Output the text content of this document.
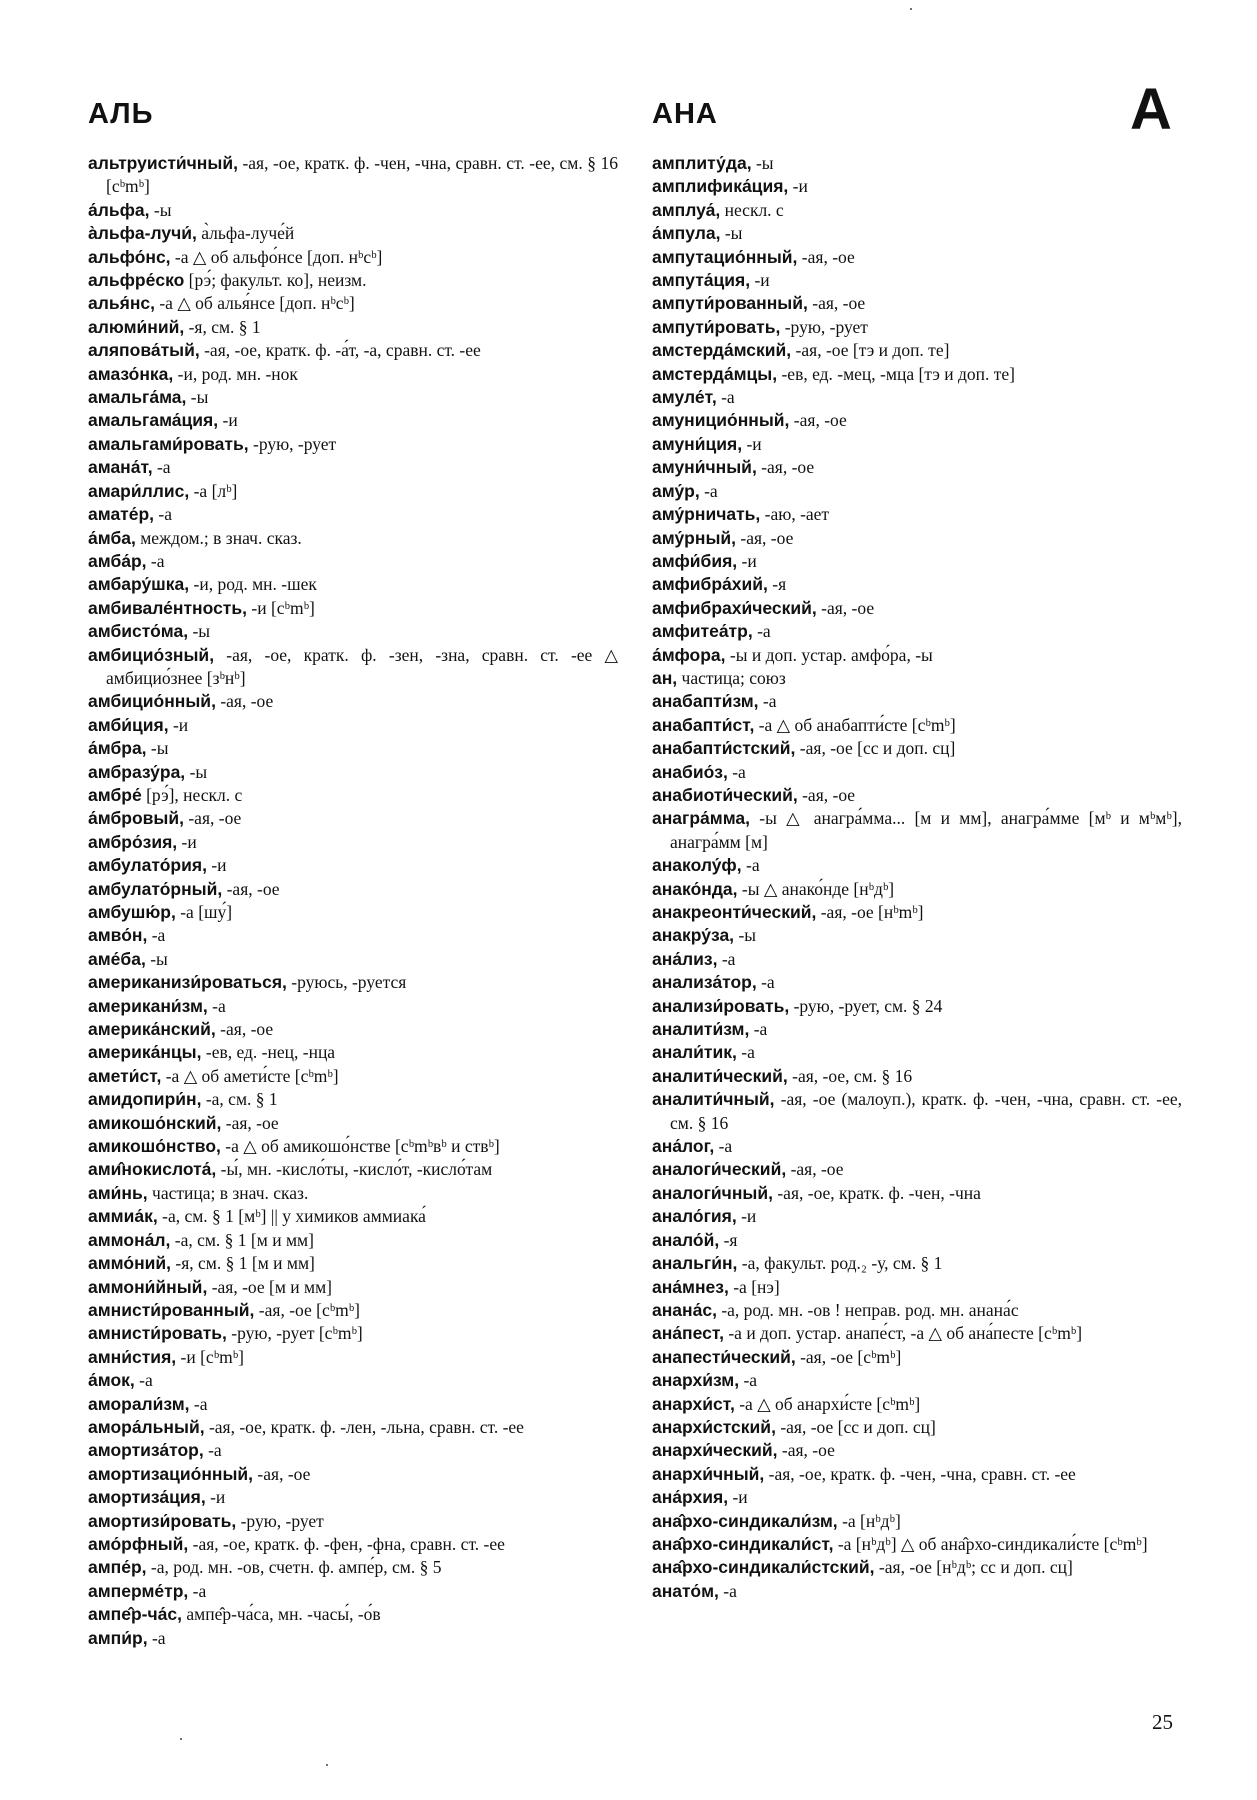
АЛЬ	АНА	А

альтруисти́чный, -ая, -ое, кратк. ф. -чен, -чна, сравн. ст. -ее, см. § 16 [cᵇmᵇ]

а́льфа, -ы

а̀льфа-лучи́, а̀льфа-луче́й

альфо́нс, -а △ об альфо́нсе [доп. нᵇcᵇ]

альфре́ско [рэ́; факульт. ко], неизм.

алья́нс, -а △ об алья́нсе [доп. нᵇcᵇ]

алюми́ний, -я, см. § 1

аляпова́тый, -ая, -ое, кратк. ф. -а́т, -а, сравн. ст. -ее

амазо́нка, -и, род. мн. -нок

амальга́ма, -ы

амальгама́ция, -и

амальгами́ровать, -рую, -рует

амана́т, -а

амари́ллис, -а [лᵇ]

амате́р, -а

а́мба, междом.; в знач. сказ.

амба́р, -а

амбару́шка, -и, род. мн. -шек

амбивале́нтность, -и [cᵇmᵇ]

амбисто́ма, -ы

амбицио́зный, -ая, -ое, кратк. ф. -зен, -зна, сравн. ст. -ее △ амбицио́знее [зᵇнᵇ]

амбицио́нный, -ая, -ое

амби́ция, -и

а́мбра, -ы

амбразу́ра, -ы

амбре́ [рэ́], нескл. с

а́мбровый, -ая, -ое

амбро́зия, -и

амбулато́рия, -и

амбулато́рный, -ая, -ое

амбушю́р, -а [шу́]

амво́н, -а

аме́ба, -ы

американизи́роваться, -руюсь, -руется

американи́зм, -а

америка́нский, -ая, -ое

америка́нцы, -ев, ед. -нец, -нца

амети́ст, -а △ об амети́сте [cᵇmᵇ]

амидопири́н, -а, см. § 1

амикошо́нский, -ая, -ое

амикошо́нство, -а △ об амикошо́нстве [cᵇmᵇвᵇ и ствᵇ]

ами̂нокислота́, -ы́, мн. -кисло́ты, -кисло́т, -кисло́там

ами́нь, частица; в знач. сказ.

аммиа́к, -а, см. § 1 [мᵇ] || у химиков аммиака́

аммона́л, -а, см. § 1 [м и мм]

аммо́ний, -я, см. § 1 [м и мм]

аммони́йный, -ая, -ое [м и мм]

амнисти́рованный, -ая, -ое [cᵇmᵇ]

амнисти́ровать, -рую, -рует [cᵇmᵇ]

амни́стия, -и [cᵇmᵇ]

а́мок, -а

аморали́зм, -а

амора́льный, -ая, -ое, кратк. ф. -лен, -льна, сравн. ст. -ее

амортиза́тор, -а

амортизацио́нный, -ая, -ое

амортиза́ция, -и

амортизи́ровать, -рую, -рует

амо́рфный, -ая, -ое, кратк. ф. -фен, -фна, сравн. ст. -ее

ампе́р, -а, род. мн. -ов, счетн. ф. ампе́р, см. § 5

амперме́тр, -а

ампе̂р-ча́с, ампе̂р-ча́са, мн. -часы́, -о́в

ампи́р, -а

амплиту́да, -ы

амплифика́ция, -и

амплуа́, нескл. с

а́мпула, -ы

ампутацио́нный, -ая, -ое

ампута́ция, -и

ампути́рованный, -ая, -ое

ампути́ровать, -рую, -рует

амстерда́мский, -ая, -ое [тэ и доп. те]

амстерда́мцы, -ев, ед. -мец, -мца [тэ и доп. те]

амуле́т, -а

амуницио́нный, -ая, -ое

амуни́ция, -и

амуни́чный, -ая, -ое

аму́р, -а

аму́рничать, -аю, -ает

аму́рный, -ая, -ое

амфи́бия, -и

амфибра́хий, -я

амфибрахи́ческий, -ая, -ое

амфитеа́тр, -а

а́мфора, -ы и доп. устар. амфо́ра, -ы

ан, частица; союз

анабапти́зм, -а

анабапти́ст, -а △ об анабапти́сте [cᵇmᵇ]

анабапти́стский, -ая, -ое [сс и доп. сц]

анабио́з, -а

анабиоти́ческий, -ая, -ое

анагра́мма, -ы △ анагра́мма... [м и мм], анагра́мме [мᵇ и мᵇмᵇ], анагра́мм [м]

анаколу́ф, -а

анако́нда, -ы △ анако́нде [нᵇдᵇ]

анакреонти́ческий, -ая, -ое [нᵇmᵇ]

анакру́за, -ы

ана́лиз, -а

анализа́тор, -а

анализи́ровать, -рую, -рует, см. § 24

аналити́зм, -а

анали́тик, -а

аналити́ческий, -ая, -ое, см. § 16

аналити́чный, -ая, -ое (малоуп.), кратк. ф. -чен, -чна, сравн. ст. -ее, см. § 16

ана́лог, -а

аналоги́ческий, -ая, -ое

аналоги́чный, -ая, -ое, кратк. ф. -чен, -чна

анало́гия, -и

анало́й, -я

анальги́н, -а, факульт. род.₂ -у, см. § 1

ана́мнез, -а [нэ]

анана́с, -а, род. мн. -ов ! неправ. род. мн. анана́с

ана́пест, -а и доп. устар. анапе́ст, -а △ об ана́песте [cᵇmᵇ]

анапести́ческий, -ая, -ое [cᵇmᵇ]

анархи́зм, -а

анархи́ст, -а △ об анархи́сте [cᵇmᵇ]

анархи́стский, -ая, -ое [сс и доп. сц]

анархи́ческий, -ая, -ое

анархи́чный, -ая, -ое, кратк. ф. -чен, -чна, сравн. ст. -ее

ана́рхия, -и

ана̂рхо-синдикали́зм, -а [нᵇдᵇ]

ана̂рхо-синдикали́ст, -а [нᵇдᵇ] △ об ана̂рхо-синдикали́сте [cᵇmᵇ]

ана̂рхо-синдикали́стский, -ая, -ое [нᵇдᵇ; сс и доп. сц]

анато́м, -а

25
